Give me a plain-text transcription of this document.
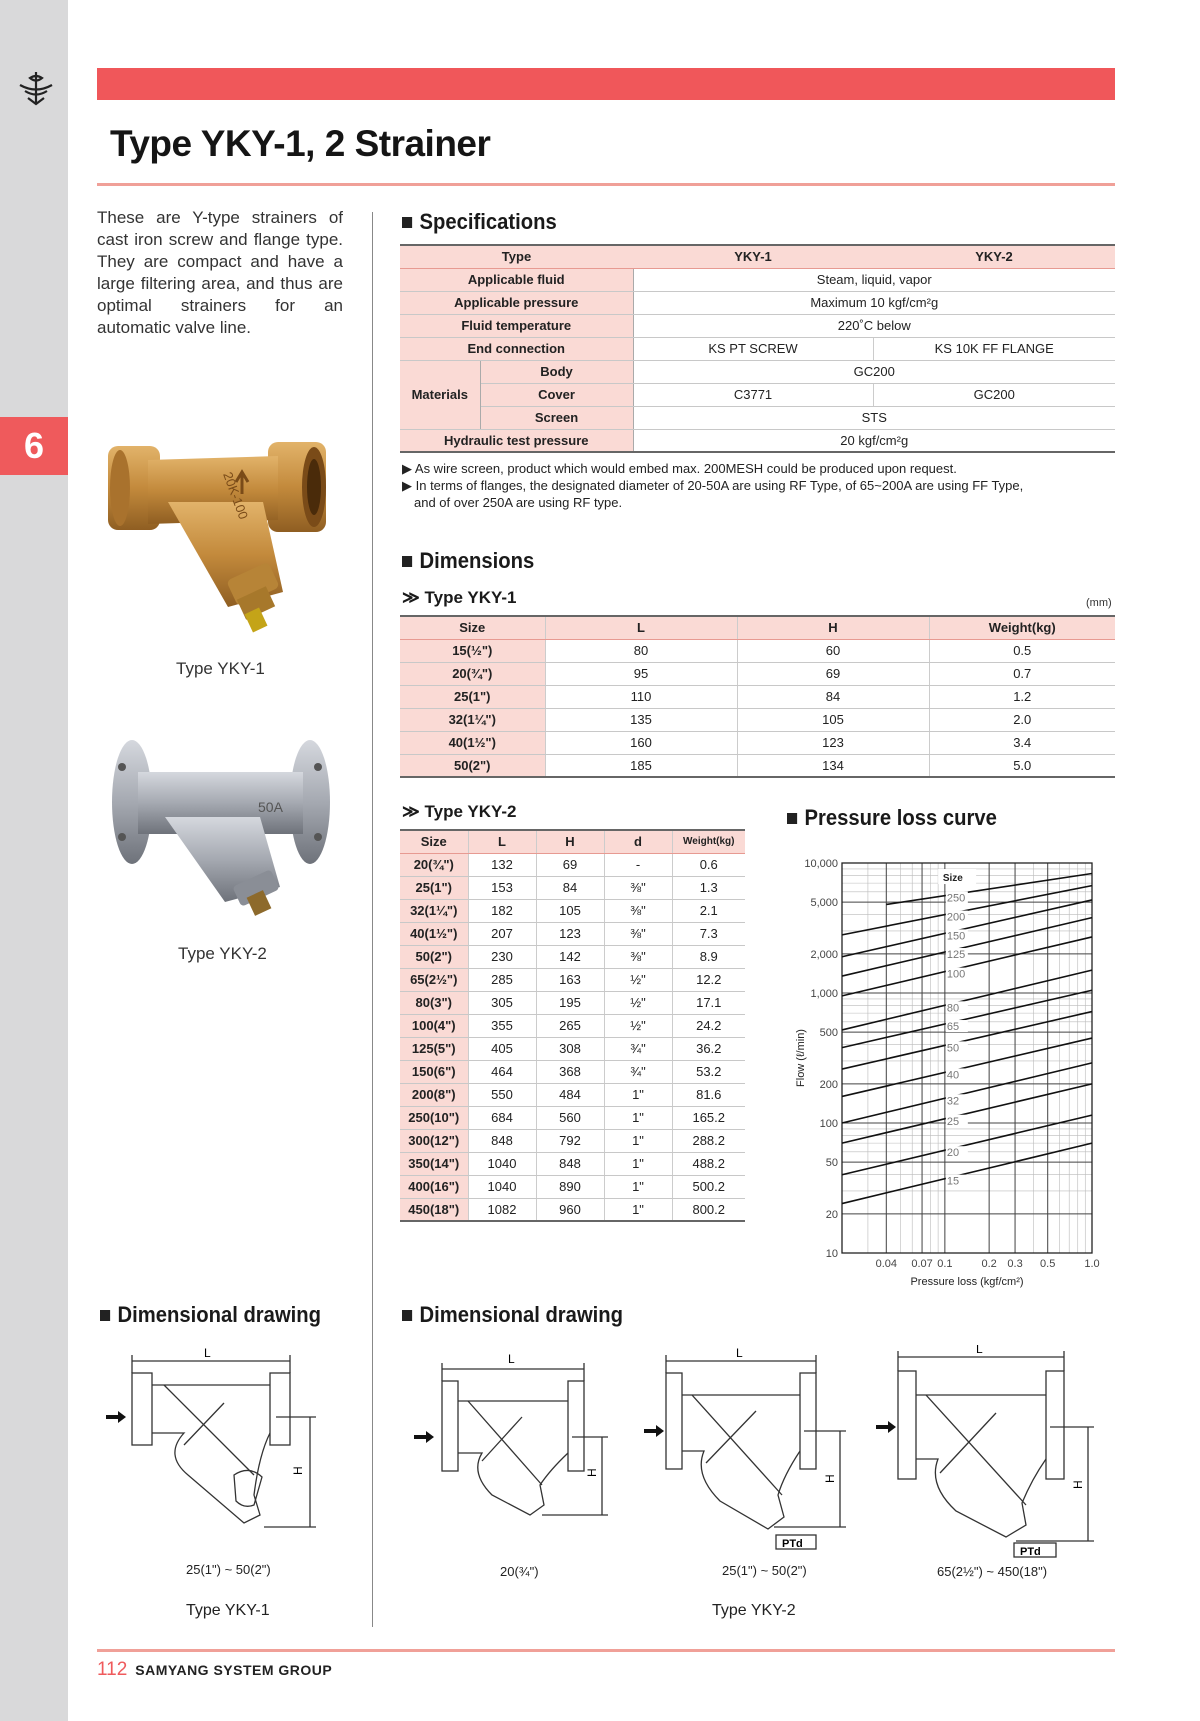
6
Type YKY-1, 2 Strainer
These are Y-type strainers of cast iron screw and flange type. They are compact and have a large filtering area, and thus are optimal strainers for an automatic valve line.
20K-100
Type YKY-1
50A
Type YKY-2
Specifications
Type		YKY-1	YKY-2
Applicable fluid		Steam, liquid, vapor	
Applicable pressure		Maximum 10 kgf/cm²g	
Fluid temperature		220˚C below	
End connection		KS PT SCREW	KS 10K FF FLANGE
Materials	Body	GC200	
	Cover	C3771	GC200
	Screen	STS	
Hydraulic test pressure		20 kgf/cm²g	
▶ As wire screen, product which would embed max. 200MESH could be produced upon request.
▶ In terms of flanges, the designated diameter of 20-50A are using RF Type, of 65~200A are using FF Type,
and of over 250A are using RF type.
Dimensions
≫ Type YKY-1	(mm)
Size	L	H	Weight(kg)
15(½")	80	60	0.5
20(¾")	95	69	0.7
25(1")	110	84	1.2
32(1¼")	135	105	2.0
40(1½")	160	123	3.4
50(2")	185	134	5.0
≫ Type YKY-2
Size	L	H	d	Weight(kg)
20(¾")	132	69	-	0.6
25(1")	153	84	⅜"	1.3
32(1¼")	182	105	⅜"	2.1
40(1½")	207	123	⅜"	7.3
50(2")	230	142	⅜"	8.9
65(2½")	285	163	½"	12.2
80(3")	305	195	½"	17.1
100(4")	355	265	½"	24.2
125(5")	405	308	¾"	36.2
150(6")	464	368	¾"	53.2
200(8")	550	484	1"	81.6
250(10")	684	560	1"	165.2
300(12")	848	792	1"	288.2
350(14")	1040	848	1"	488.2
400(16")	1040	890	1"	500.2
450(18")	1082	960	1"	800.2
Pressure loss curve
10
20
50
100
200
500
1,000
2,000
5,000
10,000
0.04 0.07 0.1	0.2 0.3 0.5	1.0
Pressure loss (kgf/cm²)
Flow (ℓ/min)
Size
250
200
150
125
100
80
65
50
40
32
25
20
15
Dimensional drawing	Dimensional drawing
L
H
25(1") ~ 50(2")
Type YKY-1
L
H
20(¾")
L
H
PTd
25(1") ~ 50(2")
Type YKY-2
L
H
PTd
65(2½") ~ 450(18")
112 SAMYANG SYSTEM GROUP
